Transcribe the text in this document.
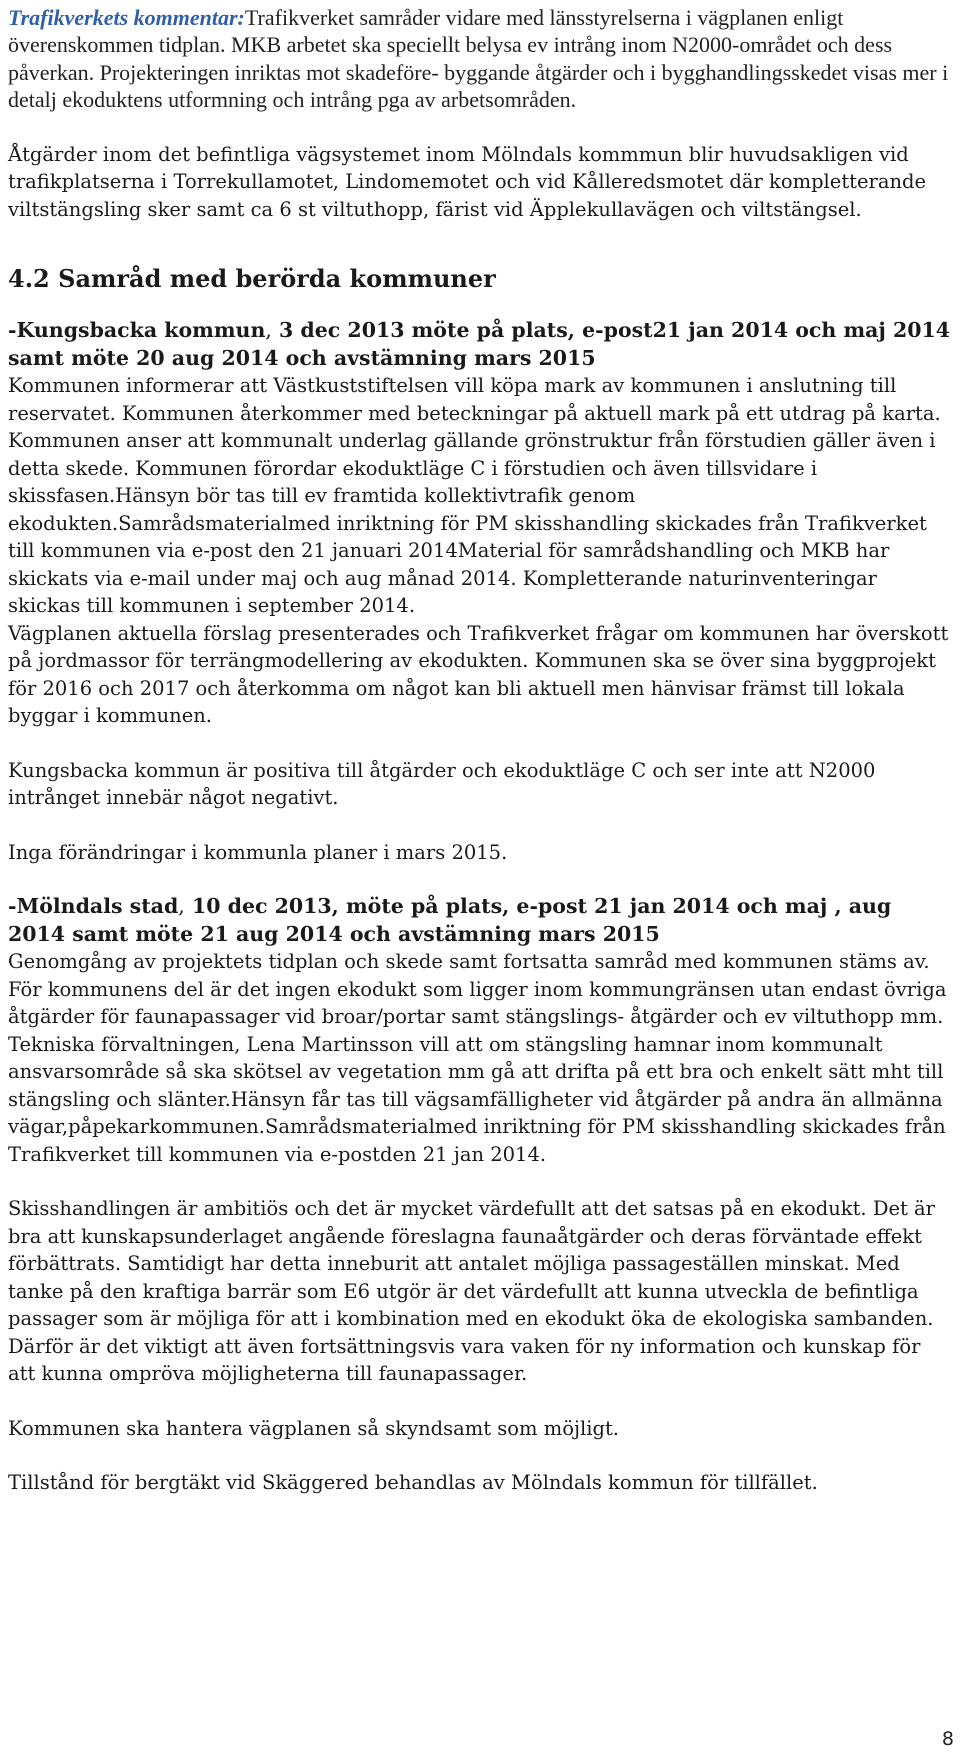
Trafikverkets kommentar:Trafikverket samråder vidare med länsstyrelserna i vägplanen enligt överenskommen tidplan. MKB arbetet ska speciellt belysa ev intrång inom N2000-området och dess påverkan. Projekteringen inriktas mot skadeföre- byggande åtgärder och i bygghandlingsskedet visas mer i detalj ekoduktens utformning och intrång pga av arbetsområden.

Åtgärder inom det befintliga vägsystemet inom Mölndals kommmun blir huvudsakligen vid trafikplatserna i Torrekullamotet, Lindomemotet och vid Kålleredsmotet där kompletterande viltstängsling sker samt ca 6 st viltuthopp, färist vid Äpplekullavägen och viltstängsel.

4.2 Samråd med berörda kommuner

-Kungsbacka kommun, 3 dec 2013 möte på plats, e-post21 jan 2014 och maj 2014 samt möte 20 aug 2014 och avstämning mars 2015

Kommunen informerar att Västkuststiftelsen vill köpa mark av kommunen i anslutning till reservatet. Kommunen återkommer med beteckningar på aktuell mark på ett utdrag på karta. Kommunen anser att kommunalt underlag gällande grönstruktur från förstudien gäller även i detta skede. Kommunen förordar ekoduktläge C i förstudien och även tillsvidare i skissfasen.Hänsyn bör tas till ev framtida kollektivtrafik genom ekodukten.Samrådsmaterialmed inriktning för PM skisshandling skickades från Trafikverket till kommunen via e-post den 21 januari 2014Material för samrådshandling och MKB har skickats via e-mail under maj och aug månad 2014. Kompletterande naturinventeringar skickas till kommunen i september 2014.

Vägplanen aktuella förslag presenterades och Trafikverket frågar om kommunen har överskott på jordmassor för terrängmodellering av ekodukten. Kommunen ska se över sina byggprojekt för 2016 och 2017 och återkomma om något kan bli aktuell men hänvisar främst till lokala byggar i kommunen.

Kungsbacka kommun är positiva till åtgärder och ekoduktläge C och ser inte att N2000 intrånget innebär något negativt.

Inga förändringar i kommunla planer i mars 2015.

-Mölndals stad, 10 dec 2013, möte på plats, e-post 21 jan 2014 och maj , aug 2014 samt möte 21 aug 2014 och avstämning mars 2015

Genomgång av projektets tidplan och skede samt fortsatta samråd med kommunen stäms av. För kommunens del är det ingen ekodukt som ligger inom kommungränsen utan endast övriga åtgärder för faunapassager vid broar/portar samt stängslings- åtgärder och ev viltuthopp mm. Tekniska förvaltningen, Lena Martinsson vill att om stängsling hamnar inom kommunalt ansvarsområde så ska skötsel av vegetation mm gå att drifta på ett bra och enkelt sätt mht till stängsling och slänter.Hänsyn får tas till vägsamfälligheter vid åtgärder på andra än allmänna vägar,påpekarkommunen.Samrådsmaterialmed inriktning för PM skisshandling skickades från Trafikverket till kommunen via e-postden 21 jan 2014.

Skisshandlingen är ambitiös och det är mycket värdefullt att det satsas på en ekodukt. Det är bra att kunskapsunderlaget angående föreslagna faunaåtgärder och deras förväntade effekt förbättrats. Samtidigt har detta inneburit att antalet möjliga passageställen minskat. Med tanke på den kraftiga barrär som E6 utgör är det värdefullt att kunna utveckla de befintliga passager som är möjliga för att i kombination med en ekodukt öka de ekologiska sambanden. Därför är det viktigt att även fortsättningsvis vara vaken för ny information och kunskap för att kunna ompröva möjligheterna till faunapassager.

Kommunen ska hantera vägplanen så skyndsamt som möjligt.

Tillstånd för bergtäkt vid Skäggered behandlas av Mölndals kommun för tillfället.

8
